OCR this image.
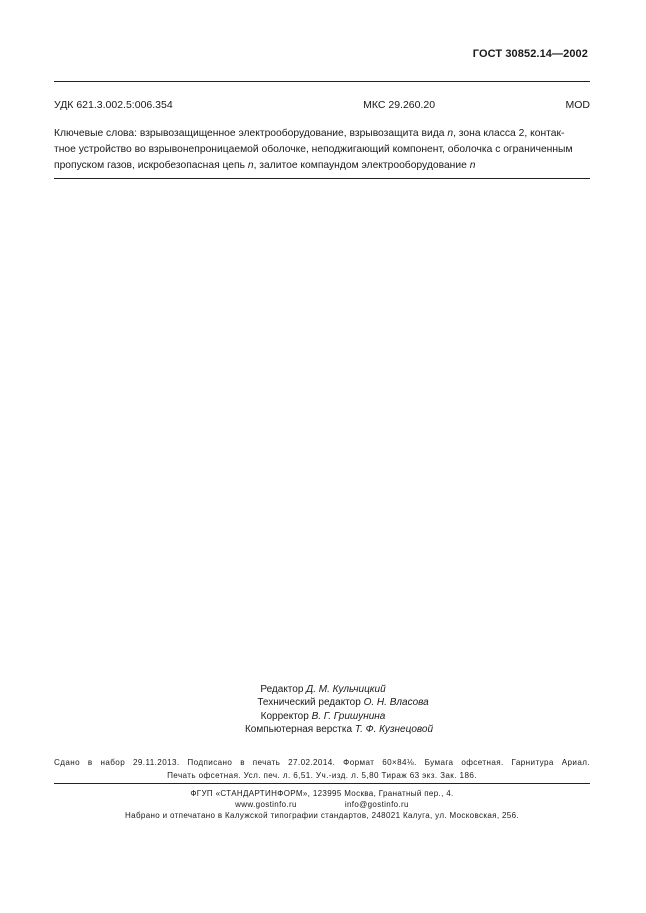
ГОСТ 30852.14—2002
УДК 621.3.002.5:006.354	МКС 29.260.20	MOD

Ключевые слова: взрывозащищенное электрооборудование, взрывозащита вида n, зона класса 2, контак-

тное устройство во взрывонепроницаемой оболочке, неподжигающий компонент, оболочка с ограниченным

пропуском газов, искробезопасная цепь n, залитое компаундом электрооборудование n

Редактор Д. М. Кульчицкий
Технический редактор О. Н. Власова
Корректор В. Г. Гришунина
Компьютерная верстка Т. Ф. Кузнецовой

Сдано в набор 29.11.2013. Подписано в печать 27.02.2014. Формат 60×84⅛. Бумага офсетная. Гарнитура Ариал.

Печать офсетная. Усл. печ. л. 6,51. Уч.-изд. л. 5,80 Тираж 63 экз. Зак. 186.

ФГУП «СТАНДАРТИНФОРМ», 123995 Москва, Гранатный пер., 4.
www.gostinfo.ru	info@gostinfo.ru
Набрано и отпечатано в Калужской типографии стандартов, 248021 Калуга, ул. Московская, 256.
